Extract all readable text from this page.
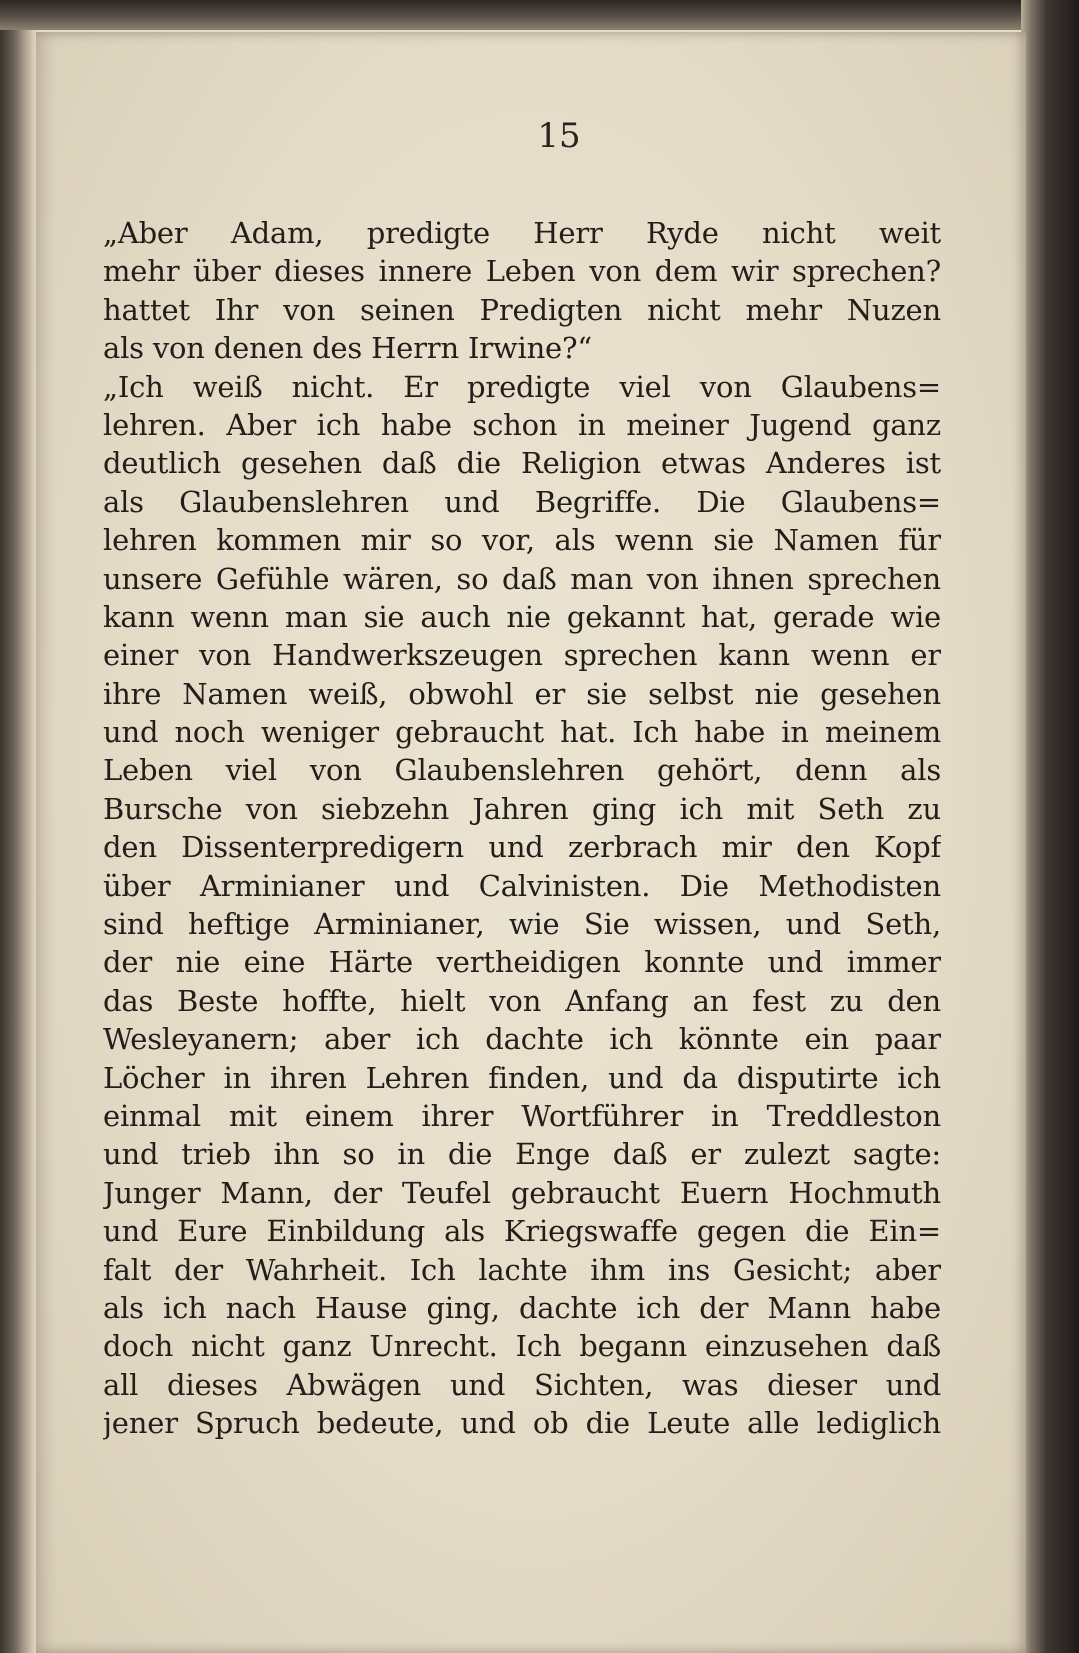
15
„Aber Adam, predigte Herr Ryde nicht weit
mehr über dieses innere Leben von dem wir sprechen?
hattet Ihr von seinen Predigten nicht mehr Nuzen
als von denen des Herrn Irwine?“
„Ich weiß nicht. Er predigte viel von Glaubens=
lehren. Aber ich habe schon in meiner Jugend ganz
deutlich gesehen daß die Religion etwas Anderes ist
als Glaubenslehren und Begriffe. Die Glaubens=
lehren kommen mir so vor, als wenn sie Namen für
unsere Gefühle wären, so daß man von ihnen sprechen
kann wenn man sie auch nie gekannt hat, gerade wie
einer von Handwerkszeugen sprechen kann wenn er
ihre Namen weiß, obwohl er sie selbst nie gesehen
und noch weniger gebraucht hat. Ich habe in meinem
Leben viel von Glaubenslehren gehört, denn als
Bursche von siebzehn Jahren ging ich mit Seth zu
den Dissenterpredigern und zerbrach mir den Kopf
über Arminianer und Calvinisten. Die Methodisten
sind heftige Arminianer, wie Sie wissen, und Seth,
der nie eine Härte vertheidigen konnte und immer
das Beste hoffte, hielt von Anfang an fest zu den
Wesleyanern; aber ich dachte ich könnte ein paar
Löcher in ihren Lehren finden, und da disputirte ich
einmal mit einem ihrer Wortführer in Treddleston
und trieb ihn so in die Enge daß er zulezt sagte:
Junger Mann, der Teufel gebraucht Euern Hochmuth
und Eure Einbildung als Kriegswaffe gegen die Ein=
falt der Wahrheit. Ich lachte ihm ins Gesicht; aber
als ich nach Hause ging, dachte ich der Mann habe
doch nicht ganz Unrecht. Ich begann einzusehen daß
all dieses Abwägen und Sichten, was dieser und
jener Spruch bedeute, und ob die Leute alle lediglich
